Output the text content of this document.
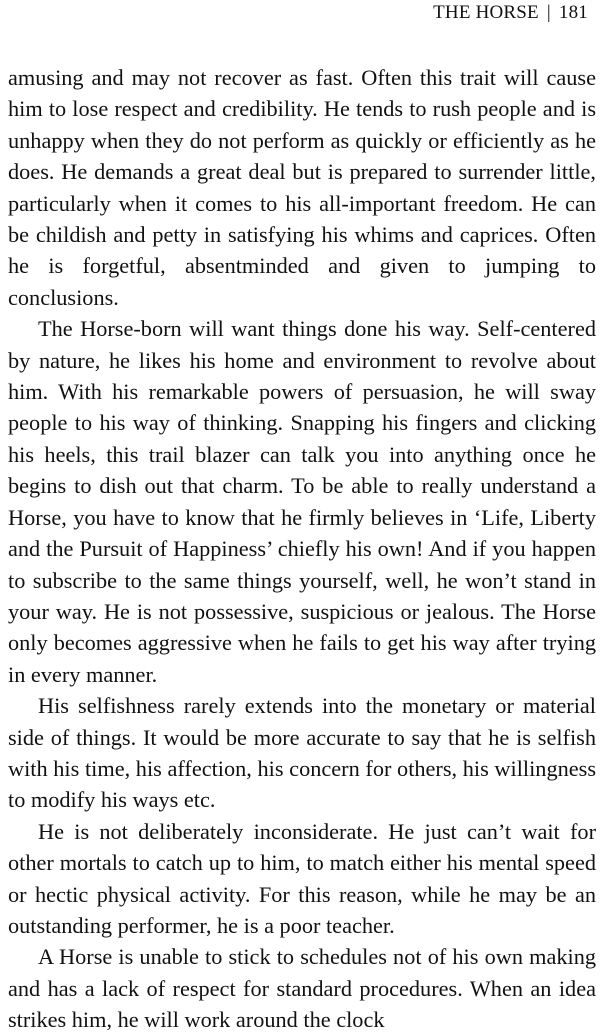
THE HORSE | 181

amusing and may not recover as fast. Often this trait will cause him to lose respect and credibility. He tends to rush people and is unhappy when they do not perform as quickly or efficiently as he does. He demands a great deal but is prepared to surrender little, particularly when it comes to his all-important freedom. He can be childish and petty in satisfying his whims and caprices. Often he is forgetful, absentminded and given to jumping to conclusions.

The Horse-born will want things done his way. Self-centered by nature, he likes his home and environment to revolve about him. With his remarkable powers of persuasion, he will sway people to his way of thinking. Snapping his fingers and clicking his heels, this trail blazer can talk you into anything once he begins to dish out that charm. To be able to really understand a Horse, you have to know that he firmly believes in ‘Life, Liberty and the Pursuit of Happiness’ chiefly his own! And if you happen to subscribe to the same things yourself, well, he won’t stand in your way. He is not possessive, suspicious or jealous. The Horse only becomes aggressive when he fails to get his way after trying in every manner.

His selfishness rarely extends into the monetary or material side of things. It would be more accurate to say that he is selfish with his time, his affection, his concern for others, his willingness to modify his ways etc.

He is not deliberately inconsiderate. He just can’t wait for other mortals to catch up to him, to match either his mental speed or hectic physical activity. For this reason, while he may be an outstanding performer, he is a poor teacher.

A Horse is unable to stick to schedules not of his own making and has a lack of respect for standard procedures. When an idea strikes him, he will work around the clock
